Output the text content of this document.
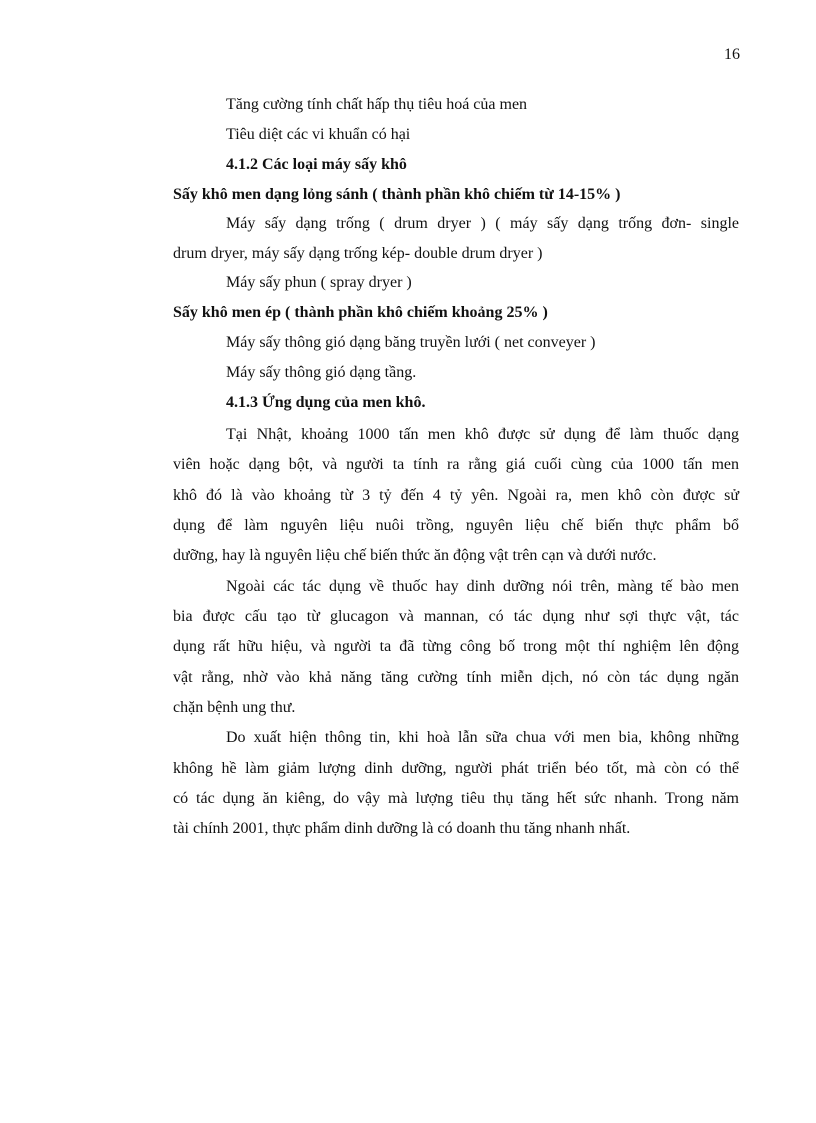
16
Tăng cường tính chất hấp thụ tiêu hoá của men
Tiêu diệt các vi khuẩn có hại
4.1.2 Các loại máy sấy khô
Sấy khô men dạng lỏng sánh ( thành phần khô chiếm từ 14-15% )
Máy sấy dạng trống ( drum dryer ) ( máy sấy dạng trống đơn- single
drum dryer, máy sấy dạng trống kép- double drum dryer )
Máy sấy phun ( spray dryer )
Sấy khô men ép ( thành phần khô chiếm khoảng 25% )
Máy sấy thông gió dạng băng truyền lưới ( net conveyer )
Máy sấy thông gió dạng tầng.
4.1.3 Ứng dụng của men khô.
Tại Nhật, khoảng 1000 tấn men khô được sử dụng để làm thuốc dạng
viên hoặc dạng bột, và người ta tính ra rằng giá cuối cùng của 1000 tấn men
khô đó là vào khoảng từ 3 tỷ đến 4 tỷ yên. Ngoài ra, men khô còn được sử
dụng để làm nguyên liệu nuôi trồng, nguyên liệu chế biến thực phẩm bổ
dưỡng, hay là nguyên liệu chế biến thức ăn động vật trên cạn và dưới nước.
Ngoài các tác dụng về thuốc hay dinh dưỡng nói trên, màng tế bào men
bia được cấu tạo từ glucagon và mannan, có tác dụng như sợi thực vật, tác
dụng rất hữu hiệu, và người ta đã từng công bố trong một thí nghiệm lên động
vật rằng, nhờ vào khả năng tăng cường tính miễn dịch, nó còn tác dụng ngăn
chặn bệnh ung thư.
Do xuất hiện thông tin, khi hoà lẫn sữa chua với men bia, không những
không hề làm giảm lượng dinh dưỡng, người phát triển béo tốt, mà còn có thể
có tác dụng ăn kiêng, do vậy mà lượng tiêu thụ tăng hết sức nhanh. Trong năm
tài chính 2001, thực phẩm dinh dưỡng là có doanh thu tăng nhanh nhất.
